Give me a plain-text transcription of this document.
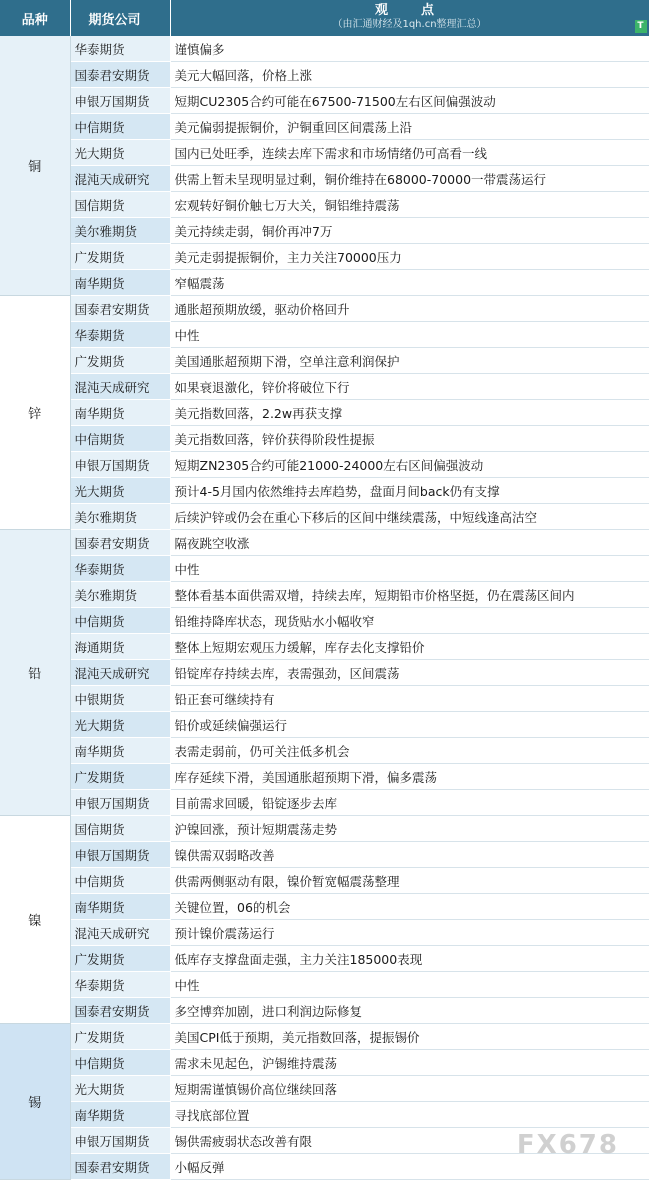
品种	期货公司	观　点
（由汇通财经及1qh.cn整理汇总） T

铜	华泰期货	谨慎偏多
	国泰君安期货	美元大幅回落，价格上涨
	申银万国期货	短期CU2305合约可能在67500-71500左右区间偏强波动
	中信期货	美元偏弱提振铜价，沪铜重回区间震荡上沿
	光大期货	国内已处旺季，连续去库下需求和市场情绪仍可高看一线
	混沌天成研究	供需上暂未呈现明显过剩，铜价维持在68000-70000一带震荡运行
	国信期货	宏观转好铜价触七万大关，铜铝维持震荡
	美尔雅期货	美元持续走弱，铜价再冲7万
	广发期货	美元走弱提振铜价，主力关注70000压力
	南华期货	窄幅震荡
锌	国泰君安期货	通胀超预期放缓，驱动价格回升
	华泰期货	中性
	广发期货	美国通胀超预期下滑，空单注意利润保护
	混沌天成研究	如果衰退激化，锌价将破位下行
	南华期货	美元指数回落，2.2w再获支撑
	中信期货	美元指数回落，锌价获得阶段性提振
	申银万国期货	短期ZN2305合约可能21000-24000左右区间偏强波动
	光大期货	预计4-5月国内依然维持去库趋势，盘面月间back仍有支撑
	美尔雅期货	后续沪锌或仍会在重心下移后的区间中继续震荡，中短线逢高沽空
铅	国泰君安期货	隔夜跳空收涨
	华泰期货	中性
	美尔雅期货	整体看基本面供需双增，持续去库，短期铅市价格坚挺，仍在震荡区间内
	中信期货	铅维持降库状态，现货贴水小幅收窄
	海通期货	整体上短期宏观压力缓解，库存去化支撑铅价
	混沌天成研究	铅锭库存持续去库，表需强劲，区间震荡
	中银期货	铅正套可继续持有
	光大期货	铅价或延续偏强运行
	南华期货	表需走弱前，仍可关注低多机会
	广发期货	库存延续下滑，美国通胀超预期下滑，偏多震荡
	申银万国期货	目前需求回暖，铅锭逐步去库
镍	国信期货	沪镍回涨，预计短期震荡走势
	申银万国期货	镍供需双弱略改善
	中信期货	供需两侧驱动有限，镍价暂宽幅震荡整理
	南华期货	关键位置，06的机会
	混沌天成研究	预计镍价震荡运行
	广发期货	低库存支撑盘面走强，主力关注185000表现
	华泰期货	中性
	国泰君安期货	多空博弈加剧，进口利润边际修复
锡	广发期货	美国CPI低于预期，美元指数回落，提振锡价
	中信期货	需求未见起色，沪锡维持震荡
	光大期货	短期需谨慎锡价高位继续回落
	南华期货	寻找底部位置
	申银万国期货	锡供需疲弱状态改善有限
	国泰君安期货	小幅反弹
FX678
